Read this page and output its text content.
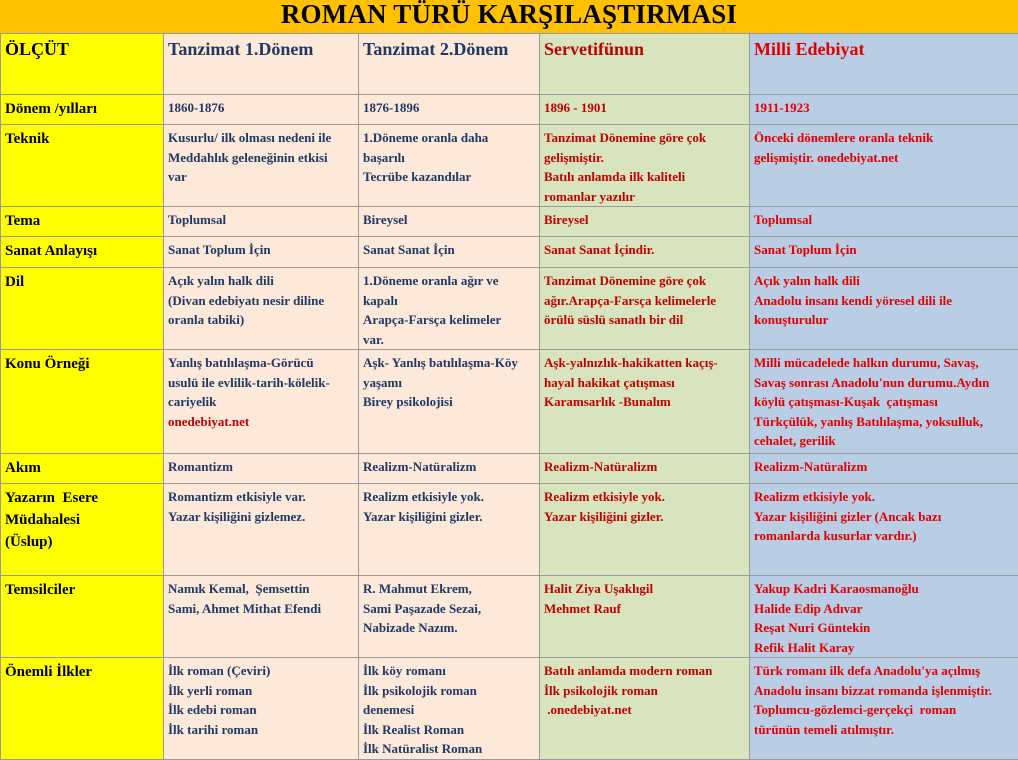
ROMAN TÜRÜ KARŞILAŞTIRMASI
ÖLÇÜT	Tanzimat 1.Dönem	Tanzimat 2.Dönem	Servetifünun	Milli Edebiyat

Dönem /yılları	1860-1876	1876-1896	1896 - 1901	1911-1923

Teknik	Kusurlu/ ilk olması nedeni ile
Meddahlık geleneğinin etkisi
var	1.Döneme oranla daha
başarılı
Tecrübe kazandılar	Tanzimat Dönemine göre çok
gelişmiştir.
Batılı anlamda ilk kaliteli
romanlar yazılır	Önceki dönemlere oranla teknik
gelişmiştir. onedebiyat.net

Tema	Toplumsal	Bireysel	Bireysel	Toplumsal

Sanat Anlayışı	Sanat Toplum İçin	Sanat Sanat İçin	Sanat Sanat İçindir.	Sanat Toplum İçin

Dil	Açık yalın halk dili
(Divan edebiyatı nesir diline
oranla tabiki)	1.Döneme oranla ağır ve
kapalı
Arapça-Farsça kelimeler
var.	Tanzimat Dönemine göre çok
ağır.Arapça-Farsça kelimelerle
örülü süslü sanatlı bir dil	Açık yalın halk dili
Anadolu insanı kendi yöresel dili ile
konuşturulur

Konu Örneği	Yanlış batılılaşma-Görücü
usulü ile evlilik-tarih-kölelik-
cariyelik
onedebiyat.net	Aşk- Yanlış batılılaşma-Köy
yaşamı
Birey psikolojisi	Aşk-yalnızlık-hakikatten kaçış-
hayal hakikat çatışması
Karamsarlık -Bunalım	Milli mücadelede halkın durumu, Savaş,
Savaş sonrası Anadolu'nun durumu.Aydın
köylü çatışması-Kuşak  çatışması
Türkçülük, yanlış Batılılaşma, yoksulluk,
cehalet, gerilik

Akım	Romantizm	Realizm-Natüralizm	Realizm-Natüralizm	Realizm-Natüralizm

Yazarın  Esere
Müdahalesi
(Üslup)	Romantizm etkisiyle var.
Yazar kişiliğini gizlemez.	Realizm etkisiyle yok.
Yazar kişiliğini gizler.	Realizm etkisiyle yok.
Yazar kişiliğini gizler.	Realizm etkisiyle yok.
Yazar kişiliğini gizler (Ancak bazı
romanlarda kusurlar vardır.)

Temsilciler	Namık Kemal,  Şemsettin
Sami, Ahmet Mithat Efendi	R. Mahmut Ekrem,
Sami Paşazade Sezai,
Nabizade Nazım.	Halit Ziya Uşaklıgil
Mehmet Rauf	Yakup Kadri Karaosmanoğlu
Halide Edip Adıvar
Reşat Nuri Güntekin
Refik Halit Karay

Önemli İlkler	İlk roman (Çeviri)
İlk yerli roman
İlk edebi roman
İlk tarihi roman	İlk köy romanı
İlk psikolojik roman
denemesi
İlk Realist Roman
İlk Natüralist Roman	Batılı anlamda modern roman
İlk psikolojik roman
.onedebiyat.net	Türk romanı ilk defa Anadolu'ya açılmış
Anadolu insanı bizzat romanda işlenmiştir.
Toplumcu-gözlemci-gerçekçi  roman
türünün temeli atılmıştır.
